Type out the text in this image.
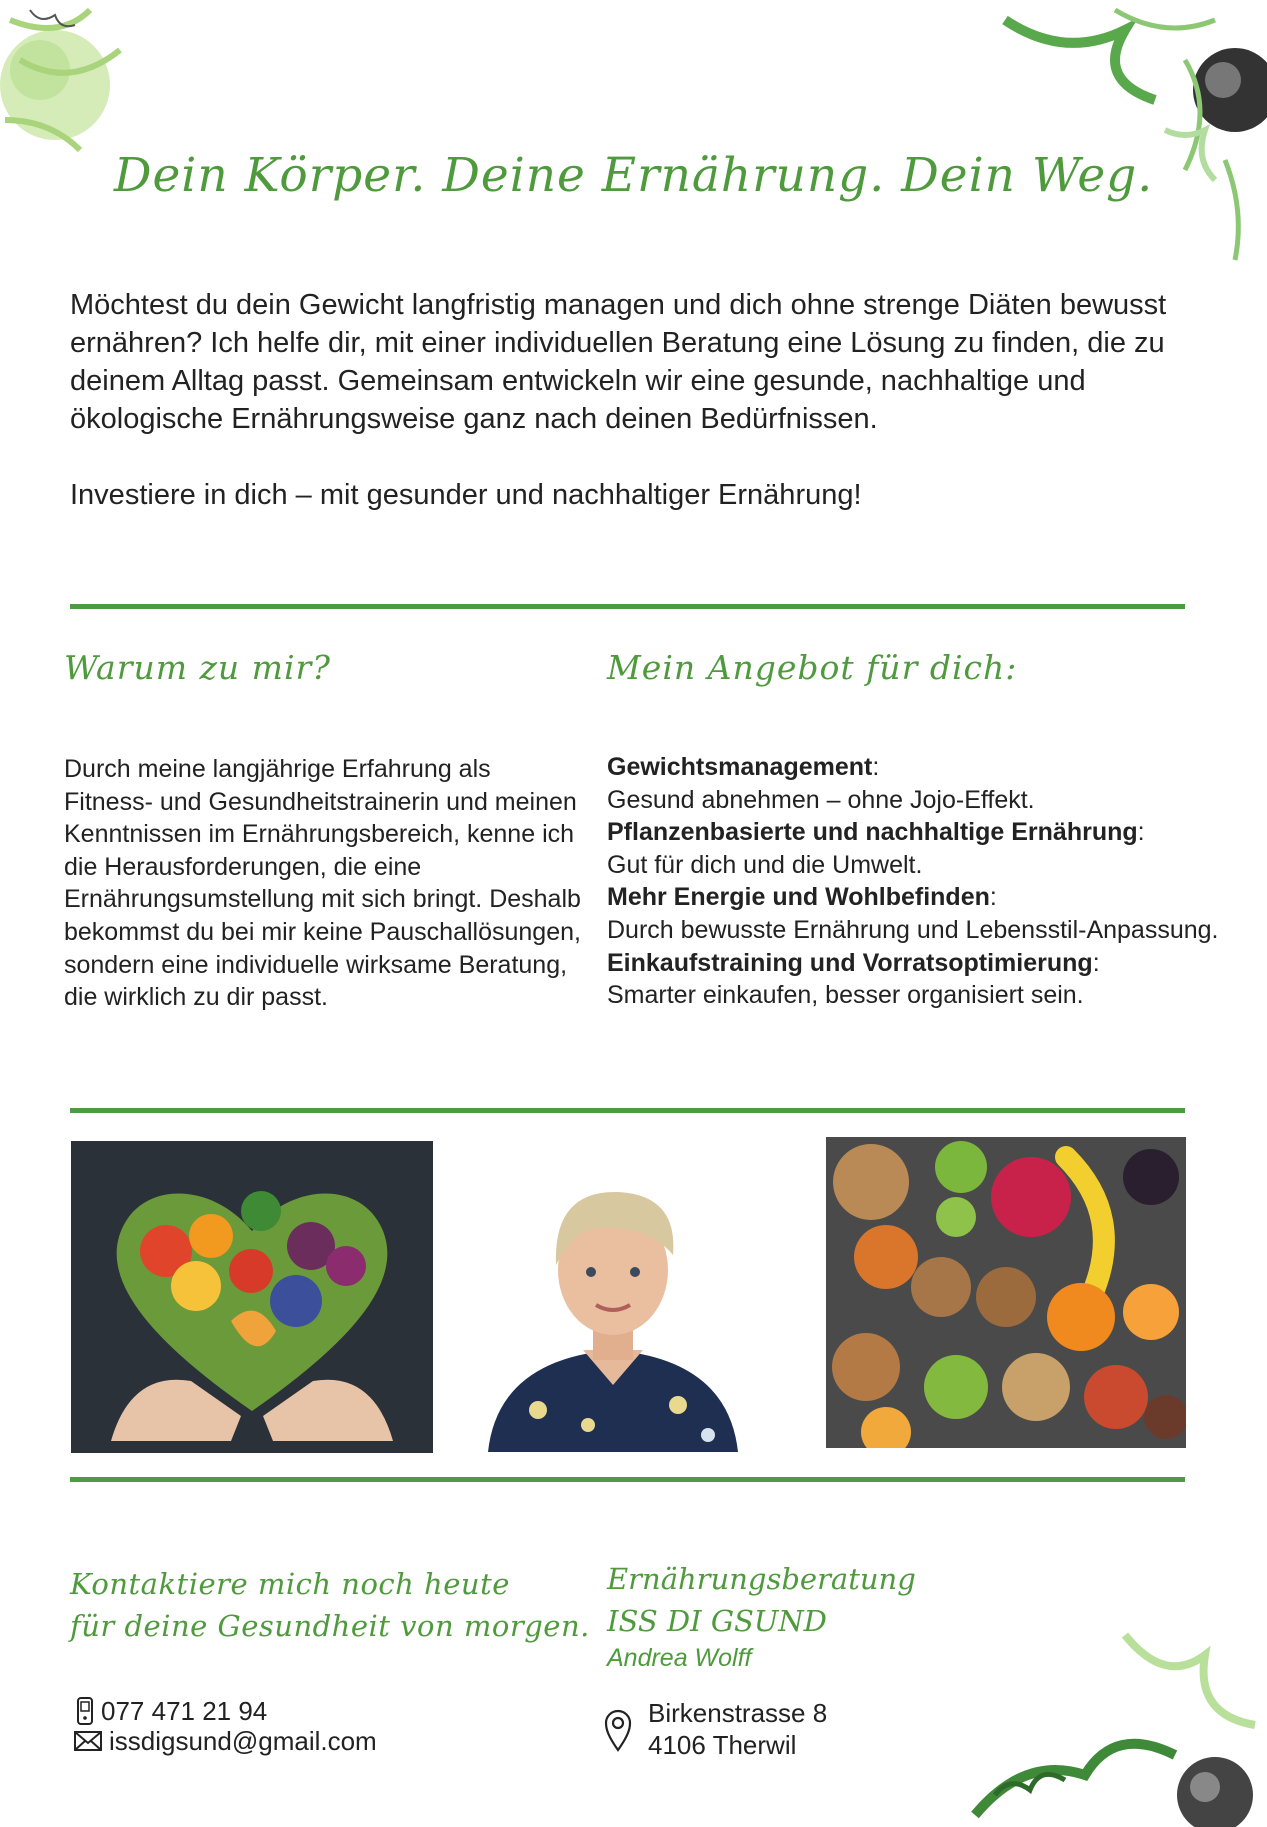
Dein Körper. Deine Ernährung. Dein Weg.

Möchtest du dein Gewicht langfristig managen und dich ohne strenge Diäten bewusst ernähren? Ich helfe dir, mit einer individuellen Beratung eine Lösung zu finden, die zu deinem Alltag passt. Gemeinsam entwickeln wir eine gesunde, nachhaltige und ökologische Ernährungsweise ganz nach deinen Bedürfnissen.

Investiere in dich – mit gesunder und nachhaltiger Ernährung!

Warum zu mir?	Mein Angebot für dich:
Durch meine langjährige Erfahrung als Fitness- und Gesundheitstrainerin und meinen Kenntnissen im Ernährungsbereich, kenne ich die Herausforderungen, die eine Ernährungsumstellung mit sich bringt. Deshalb bekommst du bei mir keine Pauschallösungen, sondern eine individuelle wirksame Beratung, die wirklich zu dir passt.
Gewichtsmanagement:
Gesund abnehmen – ohne Jojo-Effekt.
Pflanzenbasierte und nachhaltige Ernährung:
Gut für dich und die Umwelt.
Mehr Energie und Wohlbefinden:
Durch bewusste Ernährung und Lebensstil-Anpassung.
Einkaufstraining und Vorratsoptimierung:
Smarter einkaufen, besser organisiert sein.
Kontaktiere mich noch heute
für deine Gesundheit von morgen.
Ernährungsberatung
ISS DI GSUND
Andrea Wolff
077 471 21 94
issdigsund@gmail.com
Birkenstrasse 8
4106 Therwil
